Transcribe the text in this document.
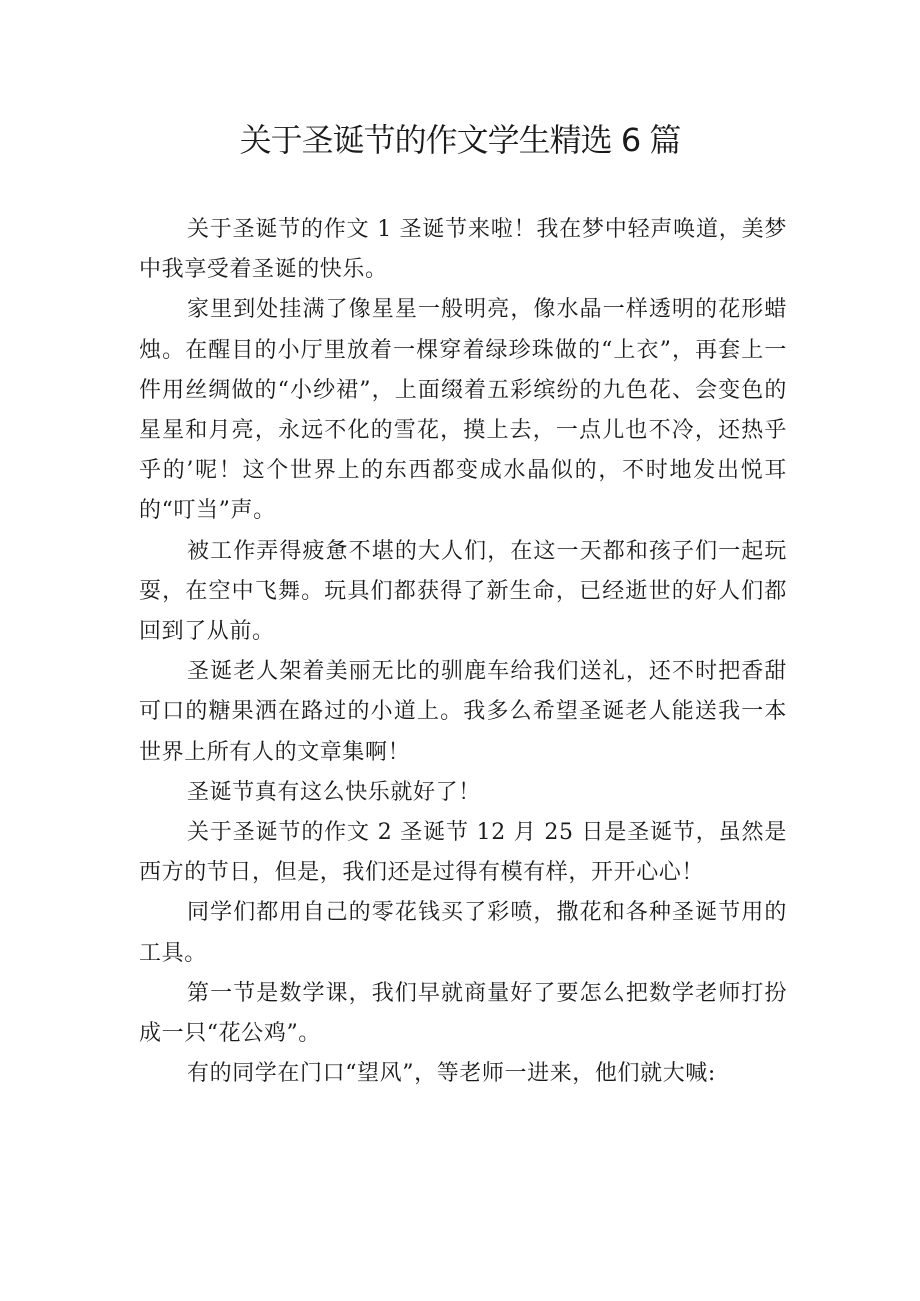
关于圣诞节的作文学生精选 6 篇

关于圣诞节的作文 1 圣诞节来啦！我在梦中轻声唤道，美梦中我享受着圣诞的快乐。

家里到处挂满了像星星一般明亮，像水晶一样透明的花形蜡烛。在醒目的小厅里放着一棵穿着绿珍珠做的“上衣”，再套上一件用丝绸做的“小纱裙”，上面缀着五彩缤纷的九色花、会变色的星星和月亮，永远不化的雪花，摸上去，一点儿也不冷，还热乎乎的’呢！这个世界上的东西都变成水晶似的，不时地发出悦耳的“叮当”声。

被工作弄得疲惫不堪的大人们，在这一天都和孩子们一起玩耍，在空中飞舞。玩具们都获得了新生命，已经逝世的好人们都回到了从前。

圣诞老人架着美丽无比的驯鹿车给我们送礼，还不时把香甜可口的糖果洒在路过的小道上。我多么希望圣诞老人能送我一本世界上所有人的文章集啊！

圣诞节真有这么快乐就好了！

关于圣诞节的作文 2 圣诞节 12 月 25 日是圣诞节，虽然是西方的节日，但是，我们还是过得有模有样，开开心心！

同学们都用自己的零花钱买了彩喷，撒花和各种圣诞节用的工具。

第一节是数学课，我们早就商量好了要怎么把数学老师打扮成一只“花公鸡”。

有的同学在门口“望风”，等老师一进来，他们就大喊:
